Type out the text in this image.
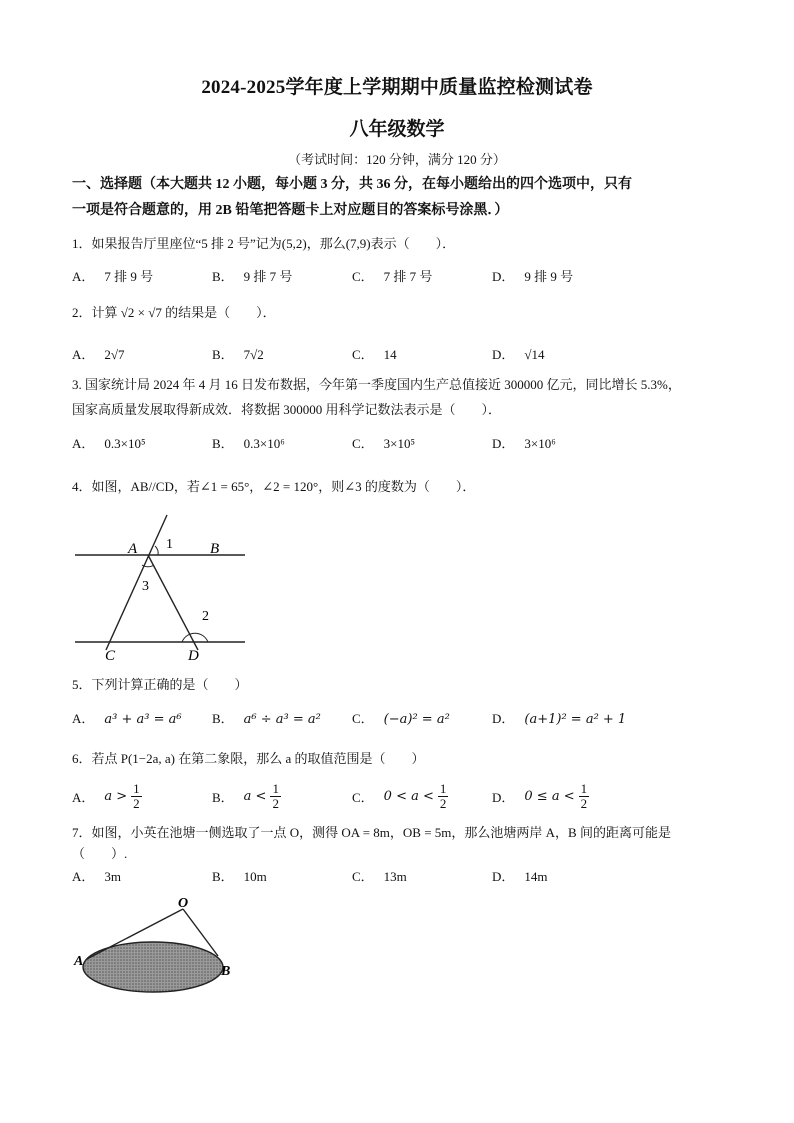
2024-2025学年度上学期期中质量监控检测试卷
八年级数学
（考试时间：120 分钟，满分 120 分）
一、选择题（本大题共 12 小题，每小题 3 分，共 36 分，在每小题给出的四个选项中，只有
一项是符合题意的，用 2B 铅笔把答题卡上对应题目的答案标号涂黑．）
1．如果报告厅里座位“5 排 2 号”记为(5,2)，那么(7,9)表示（　　）．
A． 7 排 9 号	B． 9 排 7 号	C． 7 排 7 号	D． 9 排 9 号
2．计算 √2 × √7 的结果是（　　）．
A． 2√7	B． 7√2	C． 14	D． √14
3. 国家统计局 2024 年 4 月 16 日发布数据，今年第一季度国内生产总值接近 300000 亿元，同比增长 5.3%，
国家高质量发展取得新成效．将数据 300000 用科学记数法表示是（　　）．
A． 0.3×10⁵	B． 0.3×10⁶	C． 3×10⁵	D． 3×10⁶
4．如图，AB//CD，若∠1 = 65°，∠2 = 120°，则∠3 的度数为（　　）．
A	B
C	D
1
3
2
5．下列计算正确的是（　　）
A． a³ + a³ = a⁶ B． a⁶ ÷ a³ = a² C． (−a)² = a²	D． (a+1)² = a² + 1
6．若点 P(1−2a, a) 在第二象限，那么 a 的取值范围是（　　）
A． a >
1
2	B． a <
1
2	C． 0 < a <
1
2	D． 0 ≤ a <
1
2
7．如图，小英在池塘一侧选取了一点 O，测得 OA = 8m，OB = 5m，那么池塘两岸 A，B 间的距离可能是
（　　）.
A． 3m	B． 10m	C． 13m	D． 14m
O
A
B
